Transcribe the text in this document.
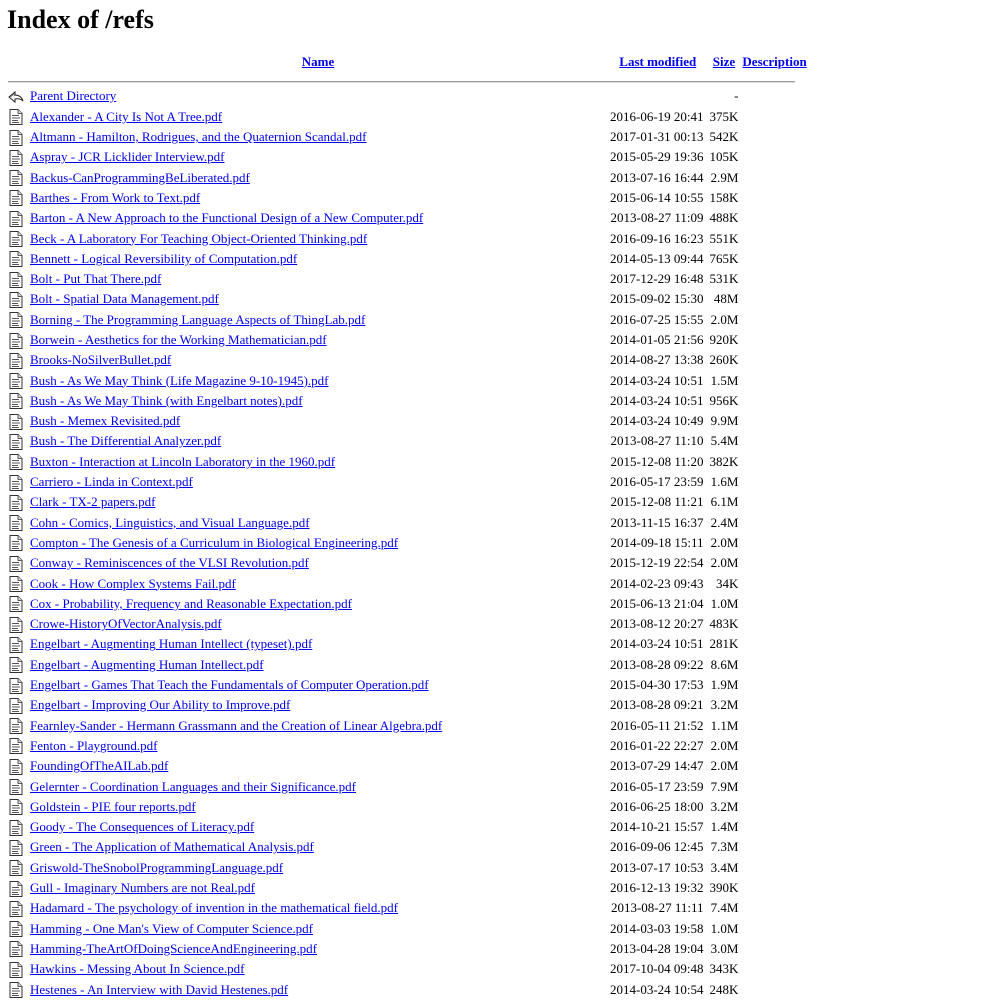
Index of /refs
	Name	Last modified	Size	Description

	Parent Directory		-	
	Alexander - A City Is Not A Tree.pdf	2016-06-19 20:41	375K	
	Altmann - Hamilton, Rodrigues, and the Quaternion Scandal.pdf	2017-01-31 00:13	542K	
	Aspray - JCR Licklider Interview.pdf	2015-05-29 19:36	105K	
	Backus-CanProgrammingBeLiberated.pdf	2013-07-16 16:44	2.9M	
	Barthes - From Work to Text.pdf	2015-06-14 10:55	158K	
	Barton - A New Approach to the Functional Design of a New Computer.pdf	2013-08-27 11:09	488K	
	Beck - A Laboratory For Teaching Object-Oriented Thinking.pdf	2016-09-16 16:23	551K	
	Bennett - Logical Reversibility of Computation.pdf	2014-05-13 09:44	765K	
	Bolt - Put That There.pdf	2017-12-29 16:48	531K	
	Bolt - Spatial Data Management.pdf	2015-09-02 15:30	48M	
	Borning - The Programming Language Aspects of ThingLab.pdf	2016-07-25 15:55	2.0M	
	Borwein - Aesthetics for the Working Mathematician.pdf	2014-01-05 21:56	920K	
	Brooks-NoSilverBullet.pdf	2014-08-27 13:38	260K	
	Bush - As We May Think (Life Magazine 9-10-1945).pdf	2014-03-24 10:51	1.5M	
	Bush - As We May Think (with Engelbart notes).pdf	2014-03-24 10:51	956K	
	Bush - Memex Revisited.pdf	2014-03-24 10:49	9.9M	
	Bush - The Differential Analyzer.pdf	2013-08-27 11:10	5.4M	
	Buxton - Interaction at Lincoln Laboratory in the 1960.pdf	2015-12-08 11:20	382K	
	Carriero - Linda in Context.pdf	2016-05-17 23:59	1.6M	
	Clark - TX-2 papers.pdf	2015-12-08 11:21	6.1M	
	Cohn - Comics, Linguistics, and Visual Language.pdf	2013-11-15 16:37	2.4M	
	Compton - The Genesis of a Curriculum in Biological Engineering.pdf	2014-09-18 15:11	2.0M	
	Conway - Reminiscences of the VLSI Revolution.pdf	2015-12-19 22:54	2.0M	
	Cook - How Complex Systems Fail.pdf	2014-02-23 09:43	34K	
	Cox - Probability, Frequency and Reasonable Expectation.pdf	2015-06-13 21:04	1.0M	
	Crowe-HistoryOfVectorAnalysis.pdf	2013-08-12 20:27	483K	
	Engelbart - Augmenting Human Intellect (typeset).pdf	2014-03-24 10:51	281K	
	Engelbart - Augmenting Human Intellect.pdf	2013-08-28 09:22	8.6M	
	Engelbart - Games That Teach the Fundamentals of Computer Operation.pdf	2015-04-30 17:53	1.9M	
	Engelbart - Improving Our Ability to Improve.pdf	2013-08-28 09:21	3.2M	
	Fearnley-Sander - Hermann Grassmann and the Creation of Linear Algebra.pdf	2016-05-11 21:52	1.1M	
	Fenton - Playground.pdf	2016-01-22 22:27	2.0M	
	FoundingOfTheAILab.pdf	2013-07-29 14:47	2.0M	
	Gelernter - Coordination Languages and their Significance.pdf	2016-05-17 23:59	7.9M	
	Goldstein - PIE four reports.pdf	2016-06-25 18:00	3.2M	
	Goody - The Consequences of Literacy.pdf	2014-10-21 15:57	1.4M	
	Green - The Application of Mathematical Analysis.pdf	2016-09-06 12:45	7.3M	
	Griswold-TheSnobolProgrammingLanguage.pdf	2013-07-17 10:53	3.4M	
	Gull - Imaginary Numbers are not Real.pdf	2016-12-13 19:32	390K	
	Hadamard - The psychology of invention in the mathematical field.pdf	2013-08-27 11:11	7.4M	
	Hamming - One Man's View of Computer Science.pdf	2014-03-03 19:58	1.0M	
	Hamming-TheArtOfDoingScienceAndEngineering.pdf	2013-04-28 19:04	3.0M	
	Hawkins - Messing About In Science.pdf	2017-10-04 09:48	343K	
	Hestenes - An Interview with David Hestenes.pdf	2014-03-24 10:54	248K	
